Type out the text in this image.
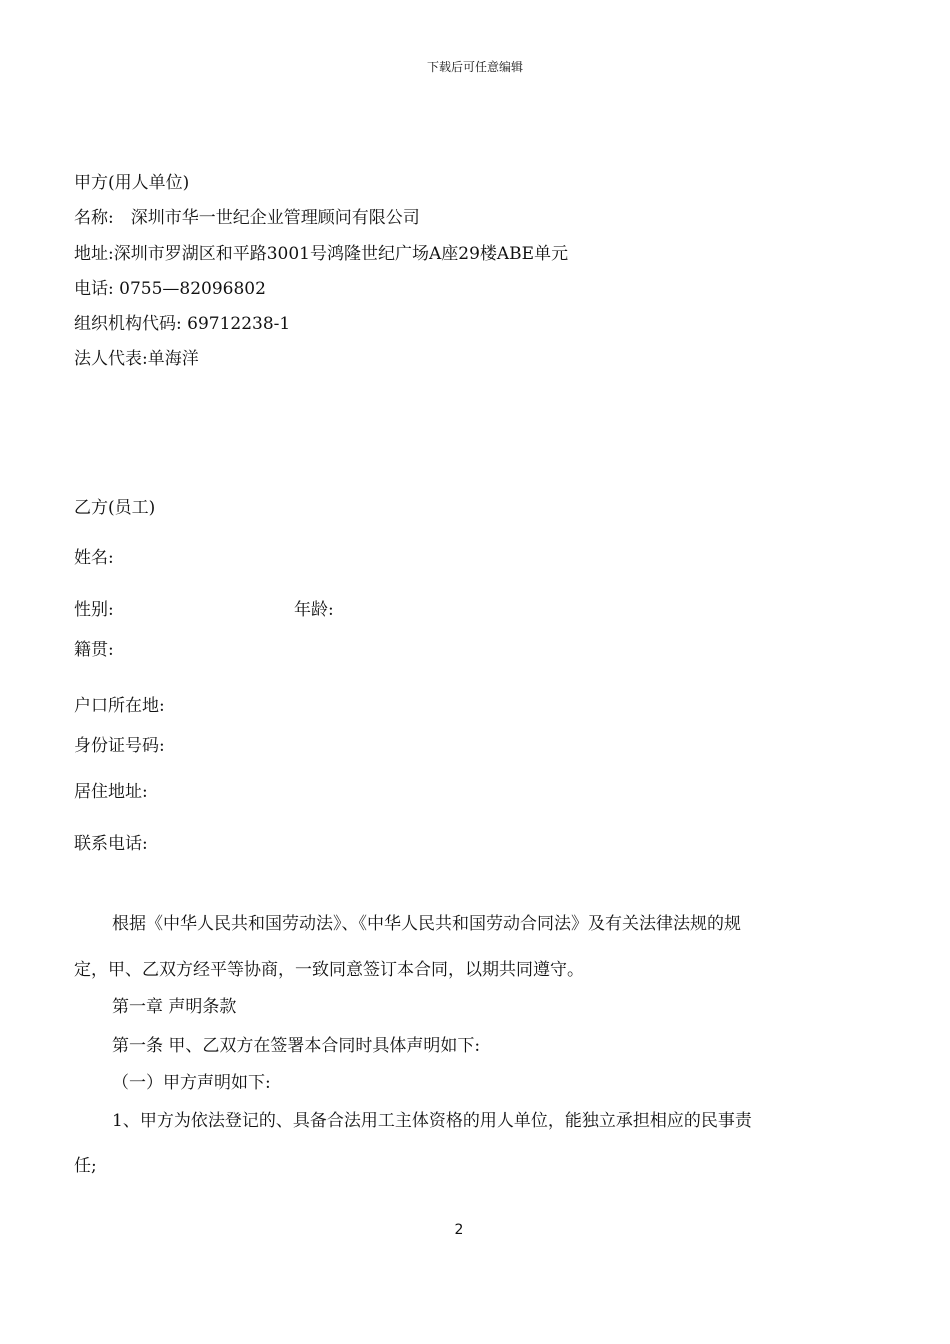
下载后可任意编辑
甲方(用人单位)
名称:　深圳市华一世纪企业管理顾问有限公司
地址:深圳市罗湖区和平路3001号鸿隆世纪广场A座29楼ABE单元
电话: 0755—82096802
组织机构代码: 69712238-1
法人代表:单海洋
乙方(员工)
姓名:
性别:	年龄:
籍贯:
户口所在地:
身份证号码:
居住地址:
联系电话:
根据《中华人民共和国劳动法》、《中华人民共和国劳动合同法》及有关法律法规的规
定，甲、乙双方经平等协商，一致同意签订本合同，以期共同遵守。
第一章 声明条款
第一条 甲、乙双方在签署本合同时具体声明如下:
（一）甲方声明如下:
1、甲方为依法登记的、具备合法用工主体资格的用人单位，能独立承担相应的民事责
任;
2
